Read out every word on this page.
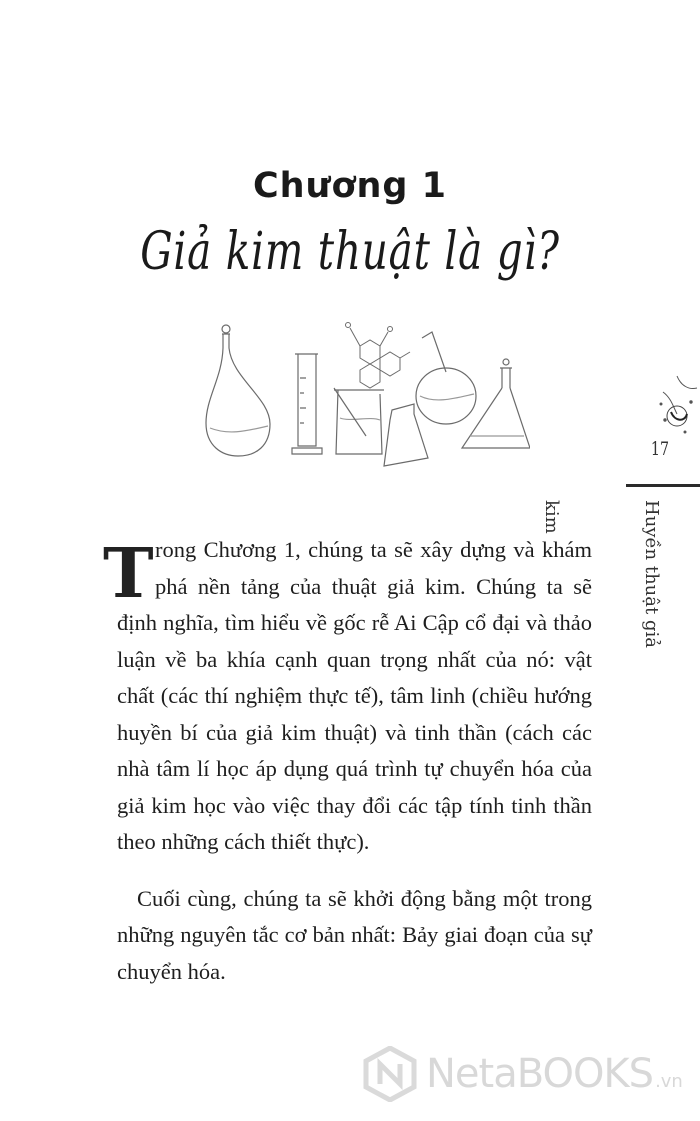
Chương 1
Giả kim thuật là gì?
17
Huyền thuật giả kim
T rong Chương 1, chúng ta sẽ xây dựng và khám phá nền tảng của thuật giả kim. Chúng ta sẽ định nghĩa, tìm hiểu về gốc rễ Ai Cập cổ đại và thảo luận về ba khía cạnh quan trọng nhất của nó: vật chất (các thí nghiệm thực tế), tâm linh (chiều hướng huyền bí của giả kim thuật) và tinh thần (cách các nhà tâm lí học áp dụng quá trình tự chuyển hóa của giả kim học vào việc thay đổi các tập tính tinh thần theo những cách thiết thực).

Cuối cùng, chúng ta sẽ khởi động bằng một trong những nguyên tắc cơ bản nhất: Bảy giai đoạn của sự chuyển hóa.

NetaBOOKS .vn
